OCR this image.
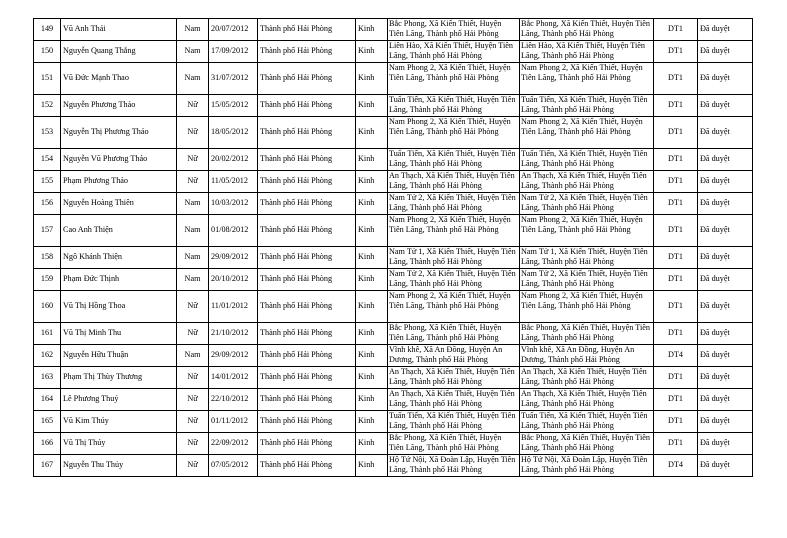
149	Vũ Anh Thái	Nam	20/07/2012	Thành phố Hải Phòng	Kinh	Bắc Phong, Xã Kiến Thiết, Huyện Tiên Lãng, Thành phố Hải Phòng	Bắc Phong, Xã Kiến Thiết, Huyện Tiên Lãng, Thành phố Hải Phòng	DT1	Đã duyệt
150	Nguyễn Quang Thắng	Nam	17/09/2012	Thành phố Hải Phòng	Kinh	Liên Hào, Xã Kiến Thiết, Huyện Tiên Lãng, Thành phố Hải Phòng	Liên Hào, Xã Kiến Thiết, Huyện Tiên Lãng, Thành phố Hải Phòng	DT1	Đã duyệt
151	Vũ Đức Mạnh Thao	Nam	31/07/2012	Thành phố Hải Phòng	Kinh	Nam Phong 2, Xã Kiến Thiết, Huyện Tiên Lãng, Thành phố Hải Phòng	Nam Phong 2, Xã Kiến Thiết, Huyện Tiên Lãng, Thành phố Hải Phòng	DT1	Đã duyệt
152	Nguyễn Phương Thảo	Nữ	15/05/2012	Thành phố Hải Phòng	Kinh	Tuấn Tiến, Xã Kiến Thiết, Huyện Tiên Lãng, Thành phố Hải Phòng	Tuấn Tiến, Xã Kiến Thiết, Huyện Tiên Lãng, Thành phố Hải Phòng	DT1	Đã duyệt
153	Nguyễn Thị Phương Thảo	Nữ	18/05/2012	Thành phố Hải Phòng	Kinh	Nam Phong 2, Xã Kiến Thiết, Huyện Tiên Lãng, Thành phố Hải Phòng	Nam Phong 2, Xã Kiến Thiết, Huyện Tiên Lãng, Thành phố Hải Phòng	DT1	Đã duyệt
154	Nguyễn Vũ Phương Thảo	Nữ	20/02/2012	Thành phố Hải Phòng	Kinh	Tuấn Tiến, Xã Kiến Thiết, Huyện Tiên Lãng, Thành phố Hải Phòng	Tuấn Tiến, Xã Kiến Thiết, Huyện Tiên Lãng, Thành phố Hải Phòng	DT1	Đã duyệt
155	Phạm Phương Thảo	Nữ	11/05/2012	Thành phố Hải Phòng	Kinh	An Thạch, Xã Kiến Thiết, Huyện Tiên Lãng, Thành phố Hải Phòng	An Thạch, Xã Kiến Thiết, Huyện Tiên Lãng, Thành phố Hải Phòng	DT1	Đã duyệt
156	Nguyễn Hoàng Thiên	Nam	10/03/2012	Thành phố Hải Phòng	Kinh	Nam Tử 2, Xã Kiến Thiết, Huyện Tiên Lãng, Thành phố Hải Phòng	Nam Tử 2, Xã Kiến Thiết, Huyện Tiên Lãng, Thành phố Hải Phòng	DT1	Đã duyệt
157	Cao Anh Thiện	Nam	01/08/2012	Thành phố Hải Phòng	Kinh	Nam Phong 2, Xã Kiến Thiết, Huyện Tiên Lãng, Thành phố Hải Phòng	Nam Phong 2, Xã Kiến Thiết, Huyện Tiên Lãng, Thành phố Hải Phòng	DT1	Đã duyệt
158	Ngô Khánh Thiện	Nam	29/09/2012	Thành phố Hải Phòng	Kinh	Nam Tử 1, Xã Kiến Thiết, Huyện Tiên Lãng, Thành phố Hải Phòng	Nam Tử 1, Xã Kiến Thiết, Huyện Tiên Lãng, Thành phố Hải Phòng	DT1	Đã duyệt
159	Phạm Đức Thịnh	Nam	20/10/2012	Thành phố Hải Phòng	Kinh	Nam Tử 2, Xã Kiến Thiết, Huyện Tiên Lãng, Thành phố Hải Phòng	Nam Tử 2, Xã Kiến Thiết, Huyện Tiên Lãng, Thành phố Hải Phòng	DT1	Đã duyệt
160	Vũ Thị Hồng Thoa	Nữ	11/01/2012	Thành phố Hải Phòng	Kinh	Nam Phong 2, Xã Kiến Thiết, Huyện Tiên Lãng, Thành phố Hải Phòng	Nam Phong 2, Xã Kiến Thiết, Huyện Tiên Lãng, Thành phố Hải Phòng	DT1	Đã duyệt
161	Vũ Thị Minh Thu	Nữ	21/10/2012	Thành phố Hải Phòng	Kinh	Bắc Phong, Xã Kiến Thiết, Huyện Tiên Lãng, Thành phố Hải Phòng	Bắc Phong, Xã Kiến Thiết, Huyện Tiên Lãng, Thành phố Hải Phòng	DT1	Đã duyệt
162	Nguyễn Hữu Thuận	Nam	29/09/2012	Thành phố Hải Phòng	Kinh	Vĩnh khê, Xã An Đồng, Huyện An Dương, Thành phố Hải Phòng	Vĩnh khê, Xã An Đồng, Huyện An Dương, Thành phố Hải Phòng	DT4	Đã duyệt
163	Phạm Thị Thùy Thương	Nữ	14/01/2012	Thành phố Hải Phòng	Kinh	An Thạch, Xã Kiến Thiết, Huyện Tiên Lãng, Thành phố Hải Phòng	An Thạch, Xã Kiến Thiết, Huyện Tiên Lãng, Thành phố Hải Phòng	DT1	Đã duyệt
164	Lê Phương Thuý	Nữ	22/10/2012	Thành phố Hải Phòng	Kinh	An Thạch, Xã Kiến Thiết, Huyện Tiên Lãng, Thành phố Hải Phòng	An Thạch, Xã Kiến Thiết, Huyện Tiên Lãng, Thành phố Hải Phòng	DT1	Đã duyệt
165	Vũ Kim Thúy	Nữ	01/11/2012	Thành phố Hải Phòng	Kinh	Tuấn Tiến, Xã Kiến Thiết, Huyện Tiên Lãng, Thành phố Hải Phòng	Tuấn Tiến, Xã Kiến Thiết, Huyện Tiên Lãng, Thành phố Hải Phòng	DT1	Đã duyệt
166	Vũ Thị Thúy	Nữ	22/09/2012	Thành phố Hải Phòng	Kinh	Bắc Phong, Xã Kiến Thiết, Huyện Tiên Lãng, Thành phố Hải Phòng	Bắc Phong, Xã Kiến Thiết, Huyện Tiên Lãng, Thành phố Hải Phòng	DT1	Đã duyệt
167	Nguyễn Thu Thủy	Nữ	07/05/2012	Thành phố Hải Phòng	Kinh	Hộ Tứ Nội, Xã Đoàn Lập, Huyện Tiên Lãng, Thành phố Hải Phòng	Hộ Tứ Nội, Xã Đoàn Lập, Huyện Tiên Lãng, Thành phố Hải Phòng	DT4	Đã duyệt
